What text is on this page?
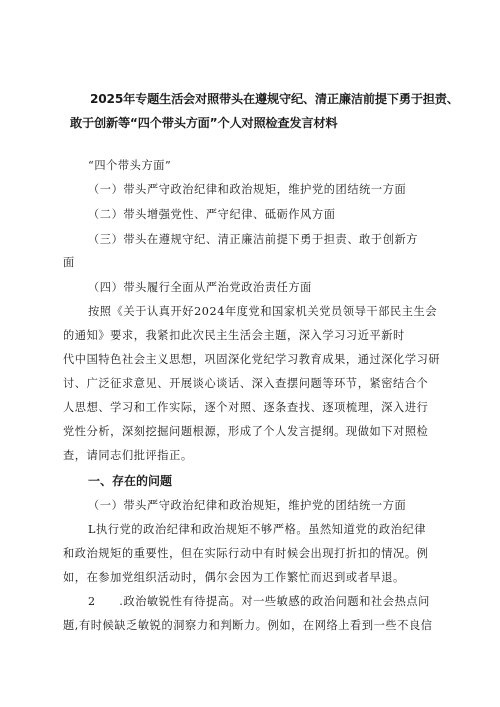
2025年专题生活会对照带头在遵规守纪、清正廉洁前提下勇于担责、
敢于创新等“四个带头方面”个人对照检查发言材料
“四个带头方面”
（一）带头严守政治纪律和政治规矩，维护党的团结统一方面
（二）带头增强党性、严守纪律、砥砺作风方面
（三）带头在遵规守纪、清正廉洁前提下勇于担责、敢于创新方
面
（四）带头履行全面从严治党政治责任方面
按照《关于认真开好2024年度党和国家机关党员领导干部民主生会
的通知》要求，我紧扣此次民主生活会主题，深入学习习近平新时
代中国特色社会主义思想，巩固深化党纪学习教育成果，通过深化学习研
讨、广泛征求意见、开展谈心谈话、深入查摆问题等环节，紧密结合个
人思想、学习和工作实际，逐个对照、逐条查找、逐项梳理，深入进行
党性分析，深刻挖掘问题根源，形成了个人发言提纲。现做如下对照检
查，请同志们批评指正。
一、存在的问题
（一）带头严守政治纪律和政治规矩，维护党的团结统一方面
L执行党的政治纪律和政治规矩不够严格。虽然知道党的政治纪律
和政治规矩的重要性，但在实际行动中有时候会出现打折扣的情况。例
如，在参加党组织活动时，偶尔会因为工作繁忙而迟到或者早退。
2　　.政治敏锐性有待提高。对一些敏感的政治问题和社会热点问
题,有时候缺乏敏锐的洞察力和判断力。例如，在网络上看到一些不良信
